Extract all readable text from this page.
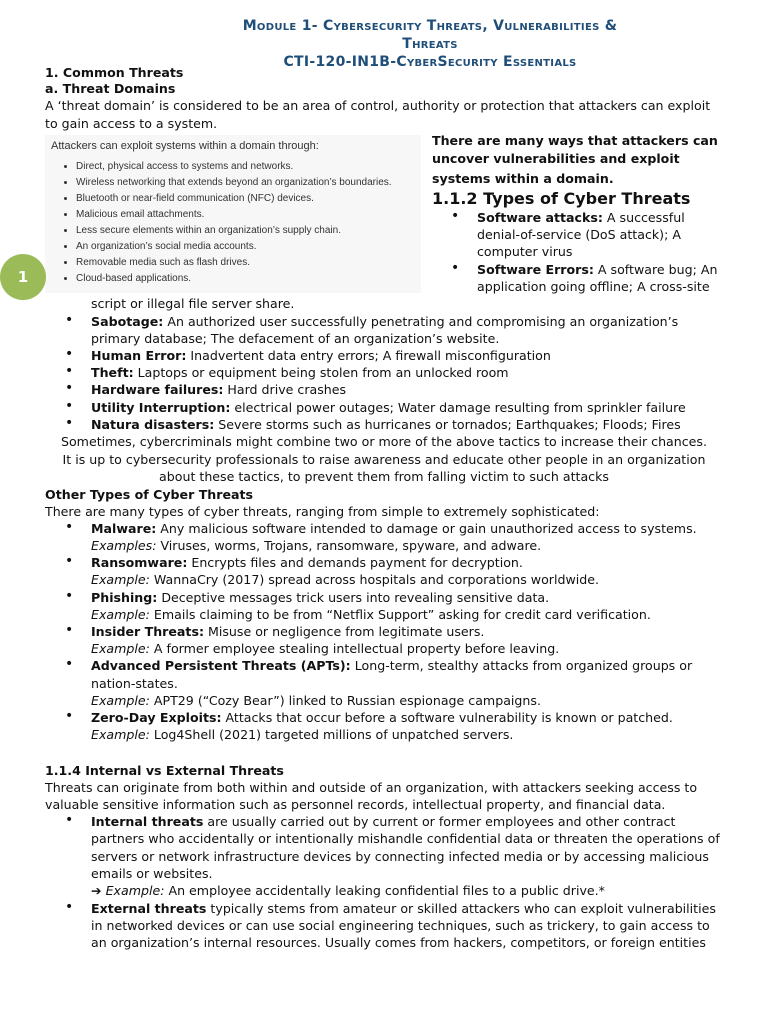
Module 1- Cybersecurity Threats, Vulnerabilities &
Threats
CTI-120-IN1B-CyberSecurity Essentials
1. Common Threats
a. Threat Domains
A ‘threat domain’ is considered to be an area of control, authority or protection that attackers can exploit
to gain access to a system.
Attackers can exploit systems within a domain through:
• Direct, physical access to systems and networks.
• Wireless networking that extends beyond an organization’s boundaries.
• Bluetooth or near-field communication (NFC) devices.
• Malicious email attachments.
• Less secure elements within an organization’s supply chain.
• An organization’s social media accounts.
• Removable media such as flash drives.
• Cloud-based applications.
1
There are many ways that attackers can
uncover vulnerabilities and exploit
systems within a domain.
1.1.2 Types of Cyber Threats
• Software attacks: A successful
denial-of-service (DoS attack); A
computer virus
• Software Errors: A software bug; An
application going offline; A cross-site
script or illegal file server share.
• Sabotage: An authorized user successfully penetrating and compromising an organization’s
primary database; The defacement of an organization’s website.
• Human Error: Inadvertent data entry errors; A firewall misconfiguration
• Theft: Laptops or equipment being stolen from an unlocked room
• Hardware failures: Hard drive crashes
• Utility Interruption: electrical power outages; Water damage resulting from sprinkler failure
• Natura disasters: Severe storms such as hurricanes or tornados; Earthquakes; Floods; Fires
Sometimes, cybercriminals might combine two or more of the above tactics to increase their chances.
It is up to cybersecurity professionals to raise awareness and educate other people in an organization
about these tactics, to prevent them from falling victim to such attacks
Other Types of Cyber Threats
There are many types of cyber threats, ranging from simple to extremely sophisticated:
• Malware: Any malicious software intended to damage or gain unauthorized access to systems.
Examples: Viruses, worms, Trojans, ransomware, spyware, and adware.
• Ransomware: Encrypts files and demands payment for decryption.
Example: WannaCry (2017) spread across hospitals and corporations worldwide.
• Phishing: Deceptive messages trick users into revealing sensitive data.
Example: Emails claiming to be from “Netflix Support” asking for credit card verification.
• Insider Threats: Misuse or negligence from legitimate users.
Example: A former employee stealing intellectual property before leaving.
• Advanced Persistent Threats (APTs): Long-term, stealthy attacks from organized groups or
nation-states.
Example: APT29 (“Cozy Bear”) linked to Russian espionage campaigns.
• Zero-Day Exploits: Attacks that occur before a software vulnerability is known or patched.
Example: Log4Shell (2021) targeted millions of unpatched servers.
1.1.4 Internal vs External Threats
Threats can originate from both within and outside of an organization, with attackers seeking access to
valuable sensitive information such as personnel records, intellectual property, and financial data.
• Internal threats are usually carried out by current or former employees and other contract
partners who accidentally or intentionally mishandle confidential data or threaten the operations of
servers or network infrastructure devices by connecting infected media or by accessing malicious
emails or websites.
➔ Example: An employee accidentally leaking confidential files to a public drive.*
• External threats typically stems from amateur or skilled attackers who can exploit vulnerabilities
in networked devices or can use social engineering techniques, such as trickery, to gain access to
an organization’s internal resources. Usually comes from hackers, competitors, or foreign entities
